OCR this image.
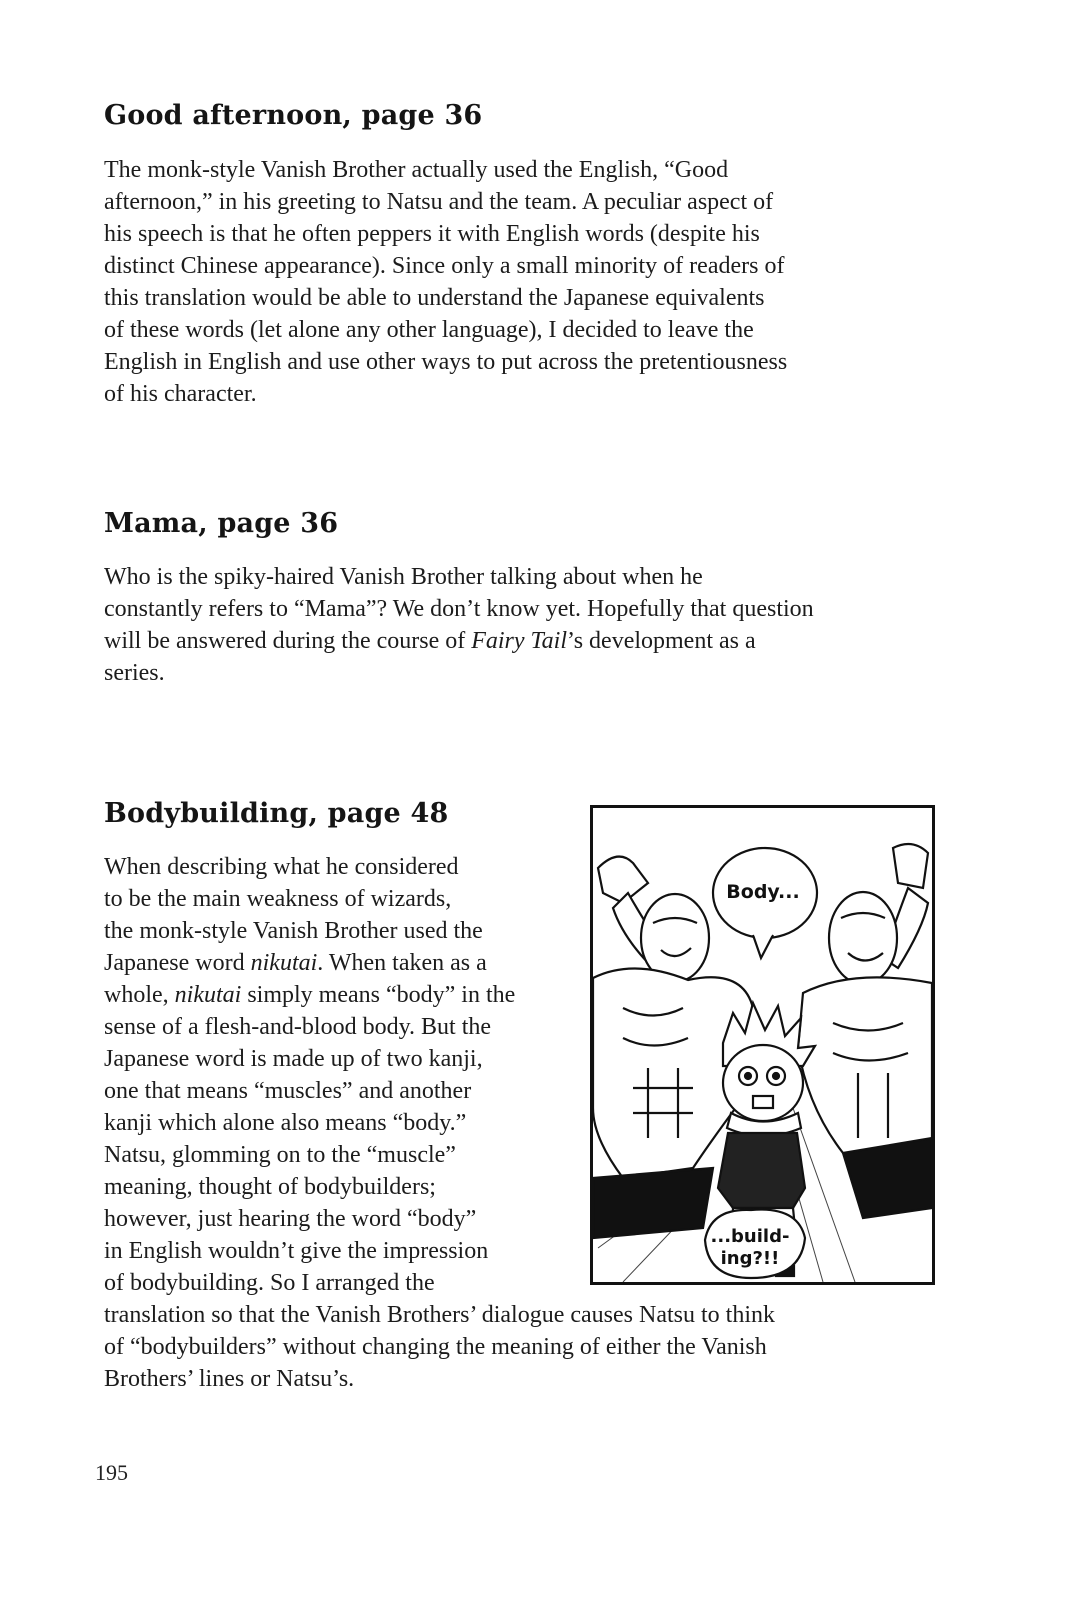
Good afternoon, page 36
The monk-style Vanish Brother actually used the English, “Good
afternoon,” in his greeting to Natsu and the team. A peculiar aspect of
his speech is that he often peppers it with English words (despite his
distinct Chinese appearance). Since only a small minority of readers of
this translation would be able to understand the Japanese equivalents
of these words (let alone any other language), I decided to leave the
English in English and use other ways to put across the pretentiousness
of his character.
Mama, page 36
Who is the spiky-haired Vanish Brother talking about when he
constantly refers to “Mama”? We don’t know yet. Hopefully that question
will be answered during the course of Fairy Tail’s development as a
series.
Bodybuilding, page 48
When describing what he considered
to be the main weakness of wizards,
the monk-style Vanish Brother used the
Japanese word nikutai. When taken as a
whole, nikutai simply means “body” in the
sense of a flesh-and-blood body. But the
Japanese word is made up of two kanji,
one that means “muscles” and another
kanji which alone also means “body.”
Natsu, glomming on to the “muscle”
meaning, thought of bodybuilders;
however, just hearing the word “body”
in English wouldn’t give the impression
of bodybuilding. So I arranged the
translation so that the Vanish Brothers’ dialogue causes Natsu to think
of “bodybuilders” without changing the meaning of either the Vanish
Brothers’ lines or Natsu’s.
Body...
...build-
ing?!!
195
